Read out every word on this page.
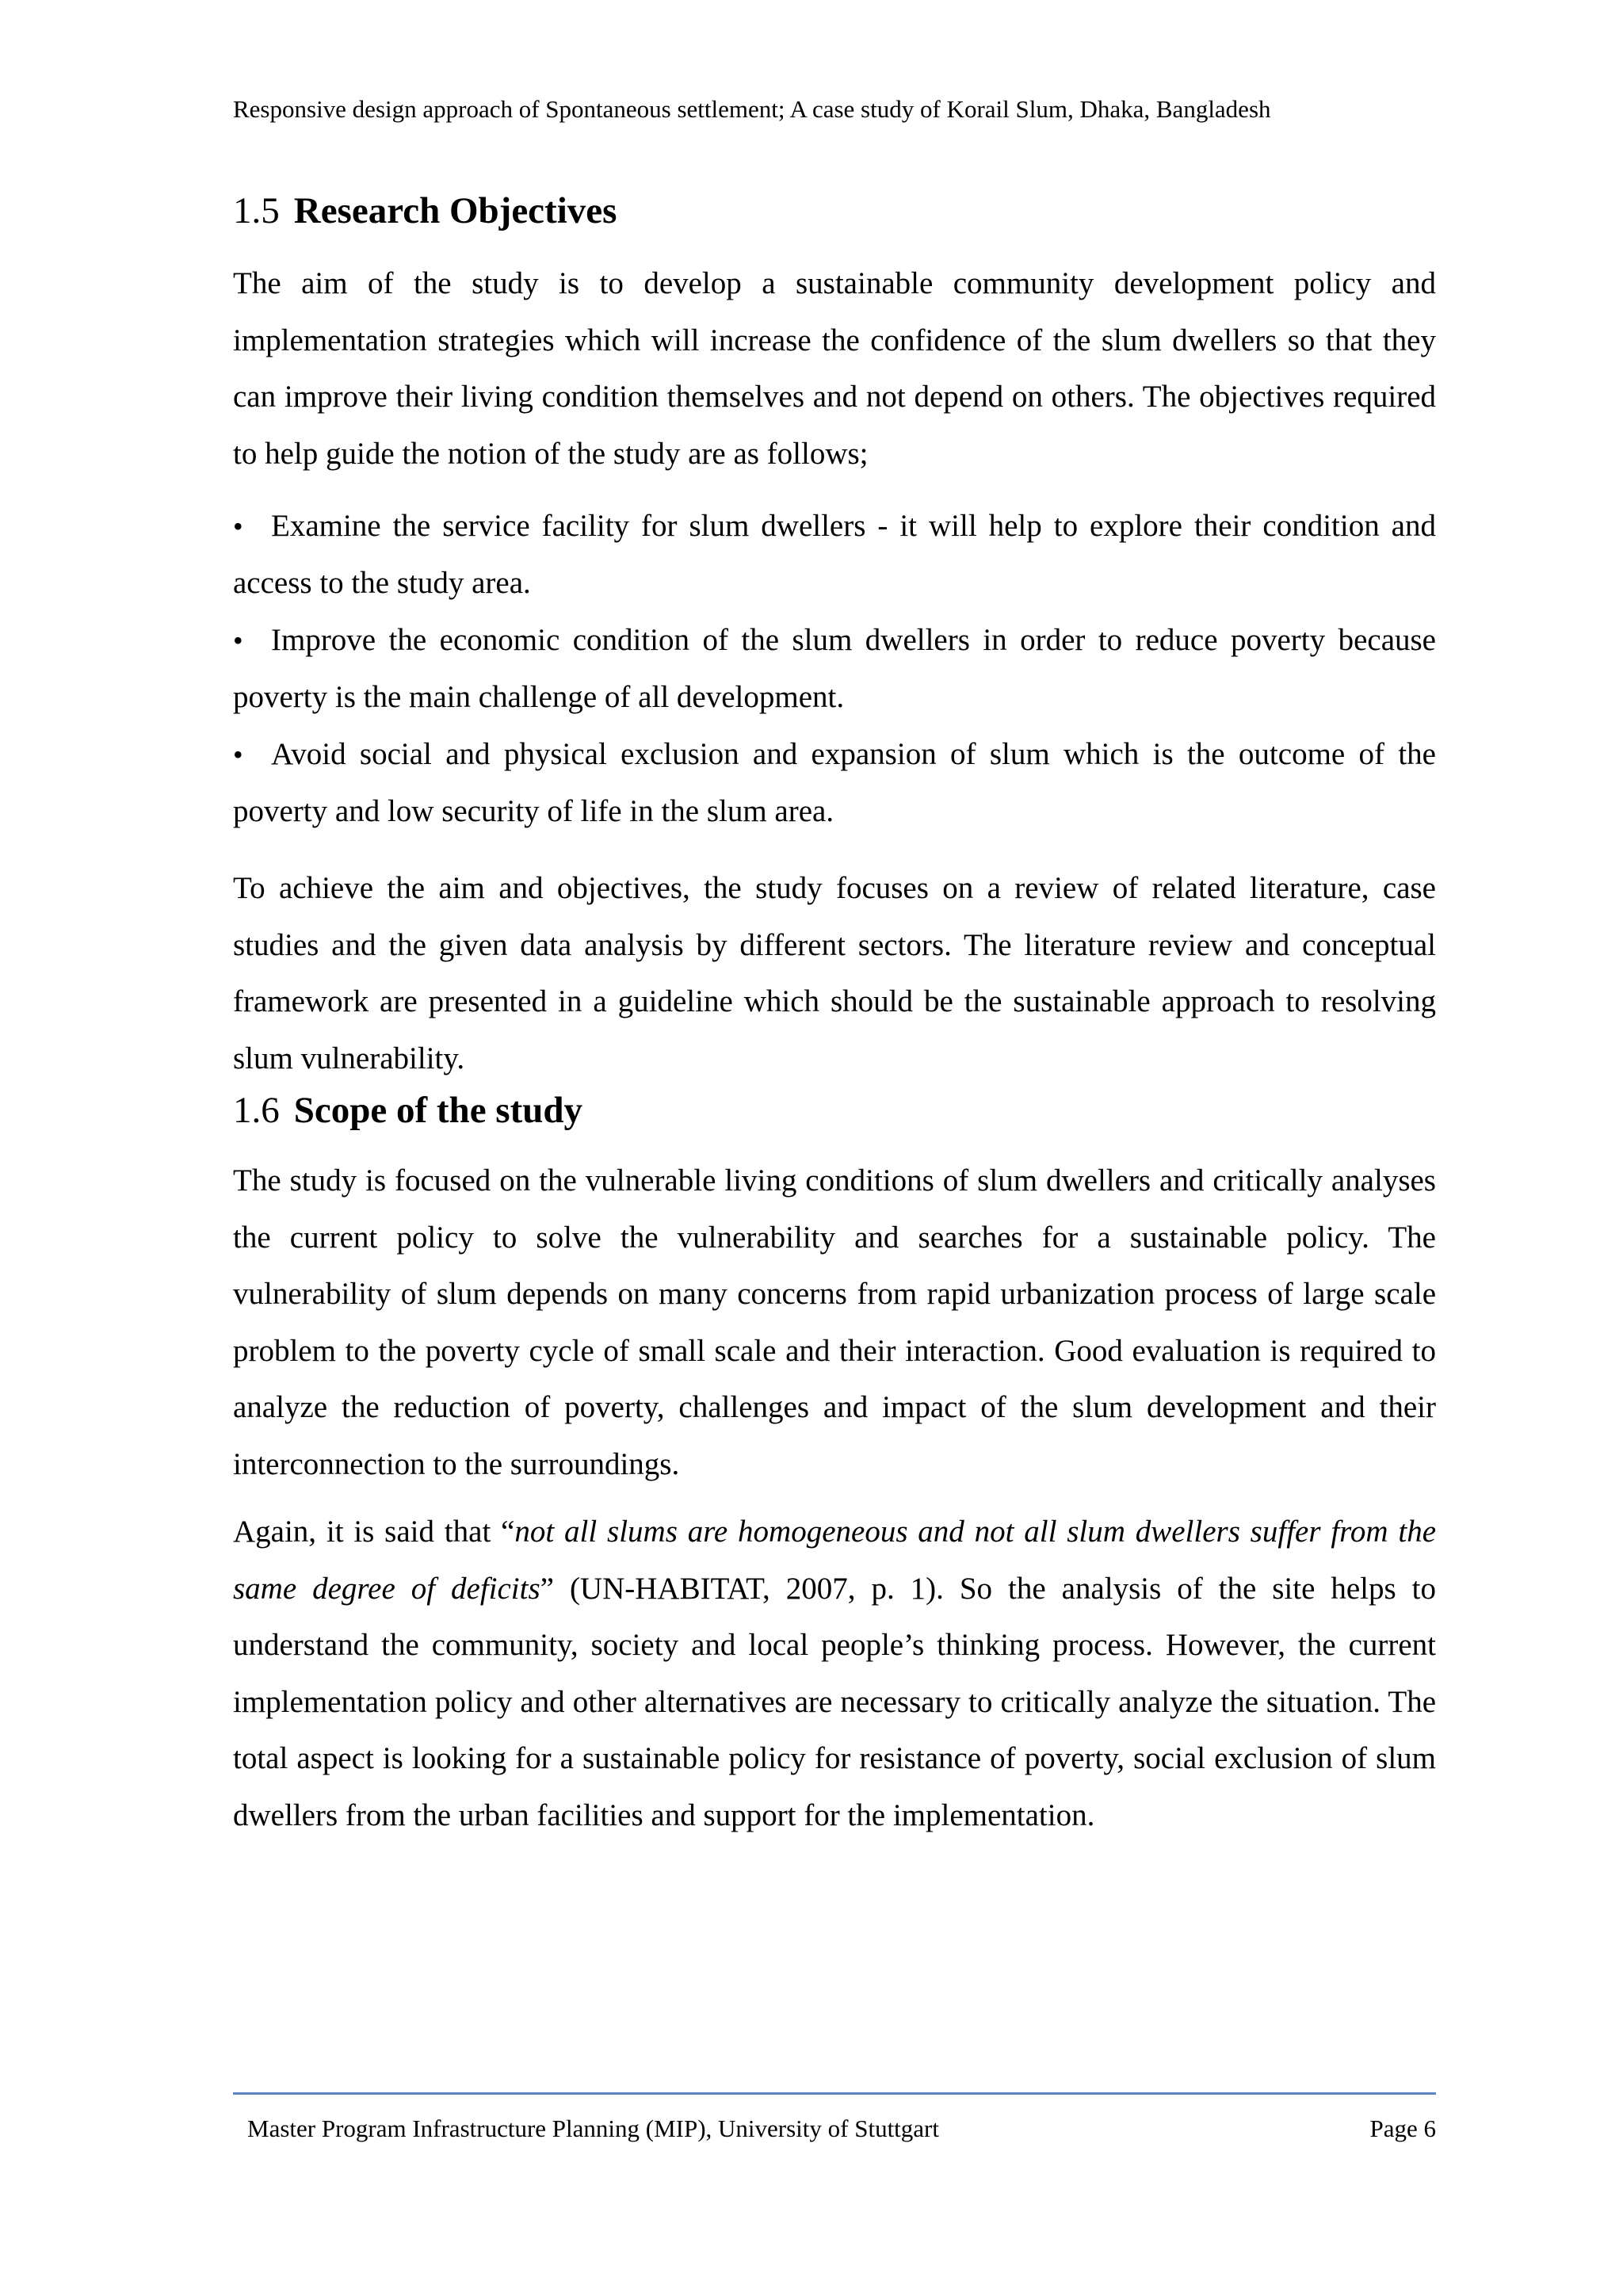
Responsive design approach of Spontaneous settlement; A case study of Korail Slum, Dhaka, Bangladesh
1.5 Research Objectives

The aim of the study is to develop a sustainable community development policy and implementation strategies which will increase the confidence of the slum dwellers so that they can improve their living condition themselves and not depend on others. The objectives required to help guide the notion of the study are as follows;

• Examine the service facility for slum dwellers - it will help to explore their condition and access to the study area.
• Improve the economic condition of the slum dwellers in order to reduce poverty because poverty is the main challenge of all development.
• Avoid social and physical exclusion and expansion of slum which is the outcome of the poverty and low security of life in the slum area.

To achieve the aim and objectives, the study focuses on a review of related literature, case studies and the given data analysis by different sectors. The literature review and conceptual framework are presented in a guideline which should be the sustainable approach to resolving slum vulnerability.

1.6 Scope of the study

The study is focused on the vulnerable living conditions of slum dwellers and critically analyses the current policy to solve the vulnerability and searches for a sustainable policy. The vulnerability of slum depends on many concerns from rapid urbanization process of large scale problem to the poverty cycle of small scale and their interaction. Good evaluation is required to analyze the reduction of poverty, challenges and impact of the slum development and their interconnection to the surroundings.

Again, it is said that “not all slums are homogeneous and not all slum dwellers suffer from the same degree of deficits” (UN-HABITAT, 2007, p. 1). So the analysis of the site helps to understand the community, society and local people’s thinking process. However, the current implementation policy and other alternatives are necessary to critically analyze the situation. The total aspect is looking for a sustainable policy for resistance of poverty, social exclusion of slum dwellers from the urban facilities and support for the implementation.

Master Program Infrastructure Planning (MIP), University of Stuttgart	Page 6
